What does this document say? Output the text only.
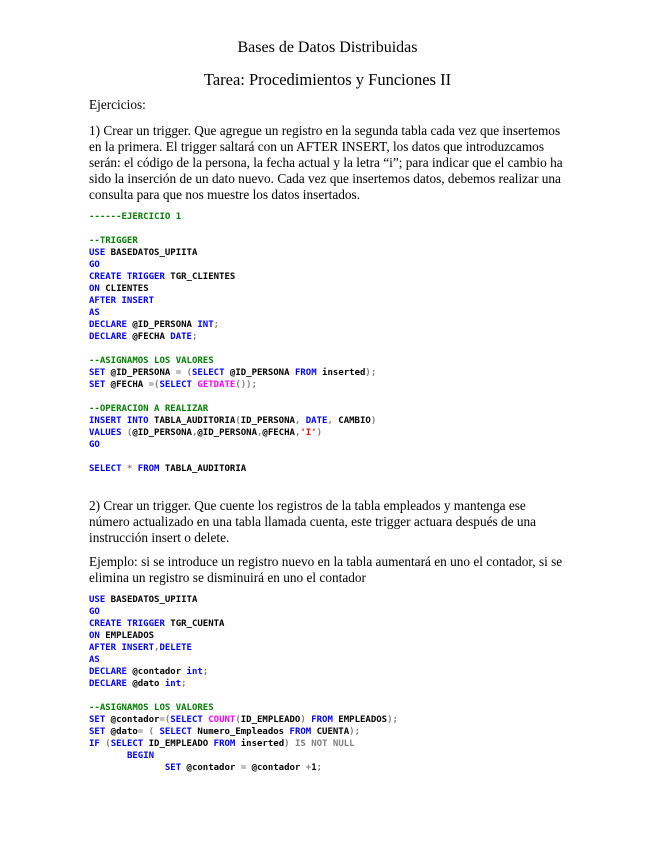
Bases de Datos Distribuidas
Tarea: Procedimientos y Funciones II

Ejercicios:

1) Crear un trigger. Que agregue un registro en la segunda tabla cada vez que insertemos en la primera. El trigger saltará con un AFTER INSERT, los datos que introduzcamos serán: el código de la persona, la fecha actual y la letra “i”; para indicar que el cambio ha sido la inserción de un dato nuevo. Cada vez que insertemos datos, debemos realizar una consulta para que nos muestre los datos insertados.

------EJERCICIO 1
--TRIGGER
USE BASEDATOS_UPIITA
GO
CREATE TRIGGER TGR_CLIENTES
ON CLIENTES
AFTER INSERT
AS
DECLARE @ID_PERSONA INT;
DECLARE @FECHA DATE;
--ASIGNAMOS LOS VALORES
SET @ID_PERSONA = (SELECT @ID_PERSONA FROM inserted);
SET @FECHA =(SELECT GETDATE());
--OPERACION A REALIZAR
INSERT INTO TABLA_AUDITORIA(ID_PERSONA, DATE, CAMBIO)
VALUES (@ID_PERSONA,@ID_PERSONA,@FECHA,'I')
GO
SELECT * FROM TABLA_AUDITORIA

2) Crear un trigger. Que cuente los registros de la tabla empleados y mantenga ese número actualizado en una tabla llamada cuenta, este trigger actuara después de una instrucción insert o delete.

Ejemplo: si se introduce un registro nuevo en la tabla aumentará en uno el contador, si se elimina un registro se disminuirá en uno el contador

USE BASEDATOS_UPIITA
GO
CREATE TRIGGER TGR_CUENTA
ON EMPLEADOS
AFTER INSERT,DELETE
AS
DECLARE @contador int;
DECLARE @dato int;
--ASIGNAMOS LOS VALORES
SET @contador=(SELECT COUNT(ID_EMPLEADO) FROM EMPLEADOS);
SET @dato= ( SELECT Numero_Empleados FROM CUENTA);
IF (SELECT ID_EMPLEADO FROM inserted) IS NOT NULL
BEGIN
SET @contador = @contador +1;
